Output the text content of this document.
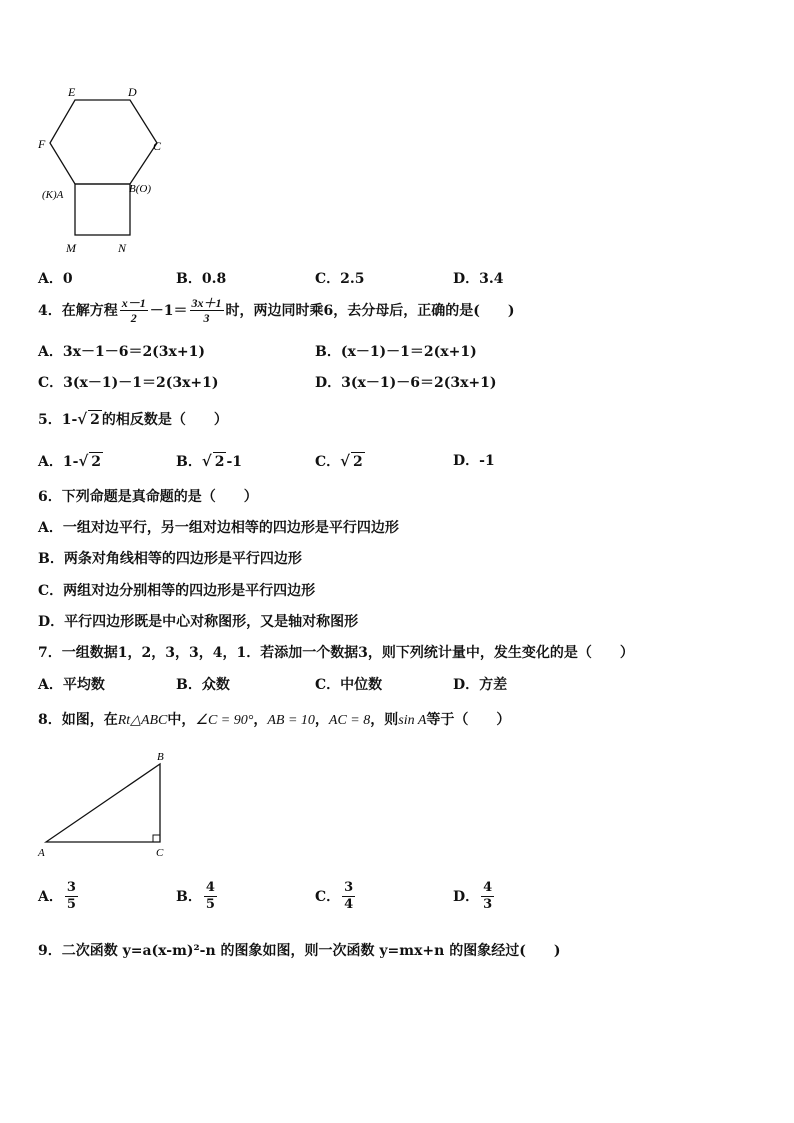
E	D
F	C
(K)A	B(O)
M	N
A．0	B．0.8	C．2.5	D．3.4
4．在解方程 $\frac{x-1}{2} -1= \frac{3x+1}{3}$ 时，两边同时乘6，去分母后，正确的是(　　)
A．3x－1－6＝2(3x+1)	B．(x－1)－1＝2(x+1)
C．3(x－1)－1＝2(3x+1)	D．3(x－1)－6＝2(3x+1)
5．1-√ 2 的相反数是（　　）
A．1-√ 2	B．√ 2 -1	C．√ 2	D．-1
6．下列命题是真命题的是（　　）
A．一组对边平行，另一组对边相等的四边形是平行四边形
B．两条对角线相等的四边形是平行四边形
C．两组对边分别相等的四边形是平行四边形
D．平行四边形既是中心对称图形，又是轴对称图形
7．一组数据1，2，3，3，4，1．若添加一个数据3，则下列统计量中，发生变化的是（　　）
A．平均数	B．众数	C．中位数	D．方差
8．如图，在Rt△ABC中，∠C = 90°，AB = 10，AC = 8，则sin A等于（　　）
B
A	C
A． $\frac{3}{5}$	B． $\frac{4}{5}$	C． $\frac{3}{4}$	D． $\frac{4}{3}$
9．二次函数 y=a(x-m)²-n 的图象如图，则一次函数 y=mx+n 的图象经过(　　)
